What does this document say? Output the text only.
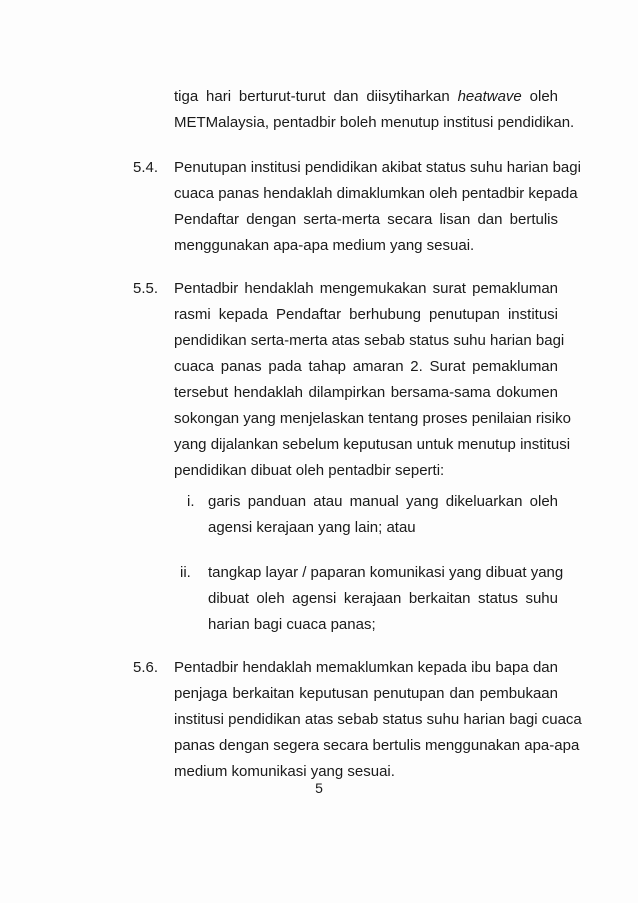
tiga hari berturut-turut dan diisytiharkan heatwave oleh
METMalaysia, pentadbir boleh menutup institusi pendidikan.
5.4. Penutupan institusi pendidikan akibat status suhu harian bagi
cuaca panas hendaklah dimaklumkan oleh pentadbir kepada
Pendaftar dengan serta-merta secara lisan dan bertulis
menggunakan apa-apa medium yang sesuai.
5.5. Pentadbir hendaklah mengemukakan surat pemakluman
rasmi kepada Pendaftar berhubung penutupan institusi
pendidikan serta-merta atas sebab status suhu harian bagi
cuaca panas pada tahap amaran 2. Surat pemakluman
tersebut hendaklah dilampirkan bersama-sama dokumen
sokongan yang menjelaskan tentang proses penilaian risiko
yang dijalankan sebelum keputusan untuk menutup institusi
pendidikan dibuat oleh pentadbir seperti:
i. garis panduan atau manual yang dikeluarkan oleh
agensi kerajaan yang lain; atau
ii. tangkap layar / paparan komunikasi yang dibuat yang
dibuat oleh agensi kerajaan berkaitan status suhu
harian bagi cuaca panas;
5.6. Pentadbir hendaklah memaklumkan kepada ibu bapa dan
penjaga berkaitan keputusan penutupan dan pembukaan
institusi pendidikan atas sebab status suhu harian bagi cuaca
panas dengan segera secara bertulis menggunakan apa-apa
medium komunikasi yang sesuai.
5
